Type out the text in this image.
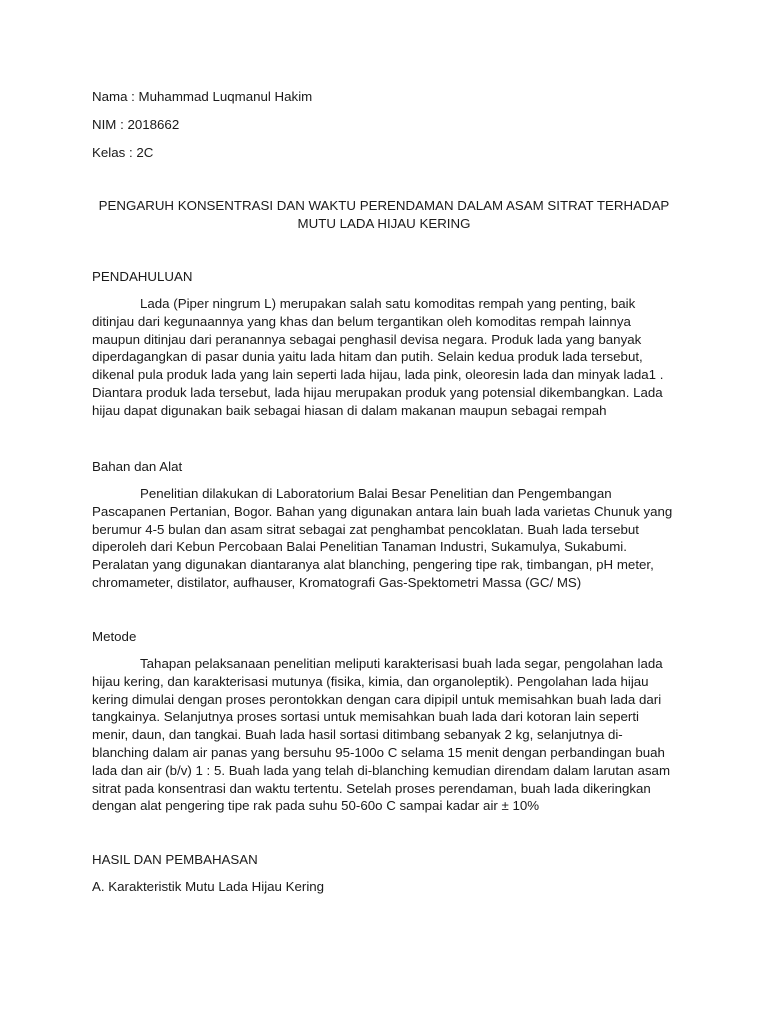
Nama : Muhammad Luqmanul Hakim

NIM : 2018662

Kelas : 2C

PENGARUH KONSENTRASI DAN WAKTU PERENDAMAN DALAM ASAM SITRAT TERHADAP MUTU LADA HIJAU KERING

PENDAHULUAN

Lada (Piper ningrum L) merupakan salah satu komoditas rempah yang penting, baik ditinjau dari kegunaannya yang khas dan belum tergantikan oleh komoditas rempah lainnya maupun ditinjau dari peranannya sebagai penghasil devisa negara. Produk lada yang banyak diperdagangkan di pasar dunia yaitu lada hitam dan putih. Selain kedua produk lada tersebut, dikenal pula produk lada yang lain seperti lada hijau, lada pink, oleoresin lada dan minyak lada1 . Diantara produk lada tersebut, lada hijau merupakan produk yang potensial dikembangkan. Lada hijau dapat digunakan baik sebagai hiasan di dalam makanan maupun sebagai rempah

Bahan dan Alat

Penelitian dilakukan di Laboratorium Balai Besar Penelitian dan Pengembangan Pascapanen Pertanian, Bogor. Bahan yang digunakan antara lain buah lada varietas Chunuk yang berumur 4-5 bulan dan asam sitrat sebagai zat penghambat pencoklatan. Buah lada tersebut diperoleh dari Kebun Percobaan Balai Penelitian Tanaman Industri, Sukamulya, Sukabumi. Peralatan yang digunakan diantaranya alat blanching, pengering tipe rak, timbangan, pH meter, chromameter, distilator, aufhauser, Kromatografi Gas-Spektometri Massa (GC/ MS)

Metode

Tahapan pelaksanaan penelitian meliputi karakterisasi buah lada segar, pengolahan lada hijau kering, dan karakterisasi mutunya (fisika, kimia, dan organoleptik). Pengolahan lada hijau kering dimulai dengan proses perontokkan dengan cara dipipil untuk memisahkan buah lada dari tangkainya. Selanjutnya proses sortasi untuk memisahkan buah lada dari kotoran lain seperti menir, daun, dan tangkai. Buah lada hasil sortasi ditimbang sebanyak 2 kg, selanjutnya di-blanching dalam air panas yang bersuhu 95-100o C selama 15 menit dengan perbandingan buah lada dan air (b/v) 1 : 5. Buah lada yang telah di-blanching kemudian direndam dalam larutan asam sitrat pada konsentrasi dan waktu tertentu. Setelah proses perendaman, buah lada dikeringkan dengan alat pengering tipe rak pada suhu 50-60o C sampai kadar air ± 10%

HASIL DAN PEMBAHASAN

A. Karakteristik Mutu Lada Hijau Kering
